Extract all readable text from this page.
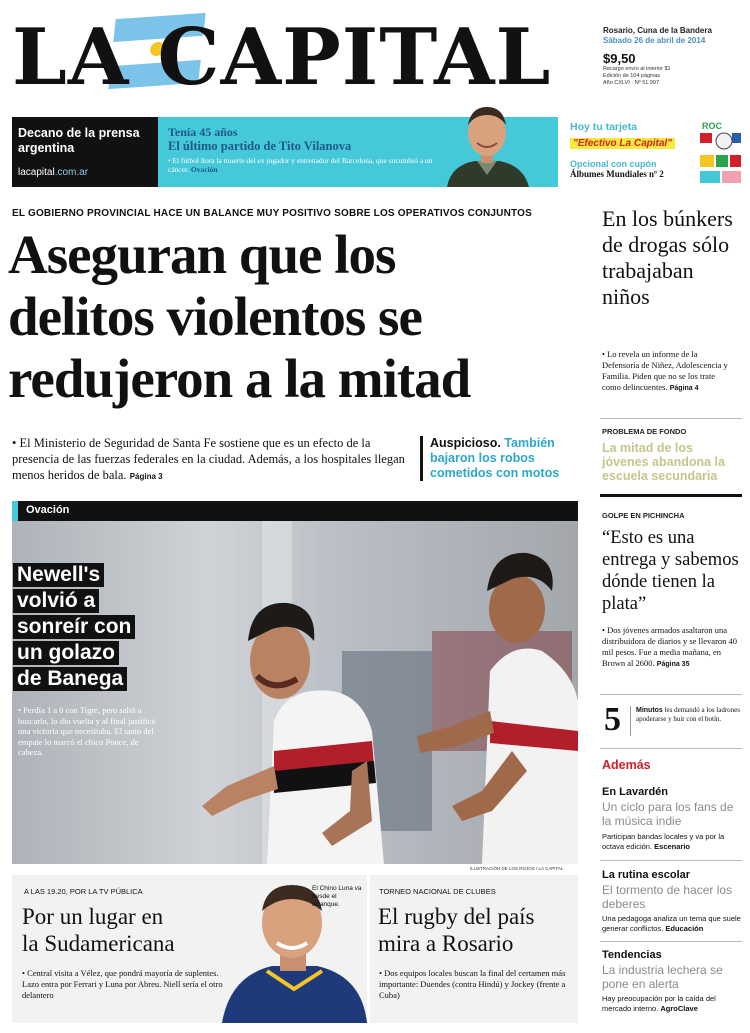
LA CAPITAL	Rosario, Cuna de la Bandera
Sábado 26 de abril de 2014
$9,50
Recargo envío al interior $1
Edición de 104 páginas
Año CXLVI · Nº 51.997
Decano de la prensa argentina
lacapital.com.ar
Tenía 45 años
El último partido de Tito Vilanova
• El fútbol llora la muerte del ex jugador y entrenador del Barcelona, que sucumbió a un cáncer. Ovación
Hoy tu tarjeta
"Efectivo La Capital"
Opcional con cupón
Álbumes Mundiales nº 2
ROC
EL GOBIERNO PROVINCIAL HACE UN BALANCE MUY POSITIVO SOBRE LOS OPERATIVOS CONJUNTOS
Aseguran que los
delitos violentos se
redujeron a la mitad
• El Ministerio de Seguridad de Santa Fe sostiene que es un efecto de la presencia de las fuerzas federales en la ciudad. Además, a los hospitales llegan menos heridos de bala. Página 3
Auspicioso. También bajaron los robos cometidos con motos
Ovación
Newell's
volvió a
sonreír con
un golazo
de Banega
• Perdía 1 a 0 con Tigre, pero salió a buscarlo, lo dio vuelta y al final justificó una victoria que necesitaba. El tanto del empate lo marcó el chico Ponce, de cabeza.
ILUSTRACIÓN DE LOS ROJOS / LA CAPITAL
A LAS 19.20, POR LA TV PÚBLICA
Por un lugar en
la Sudamericana
• Central visita a Vélez, que pondrá mayoría de suplentes. Lazo entra por Ferrari y Luna por Abreu. Niell sería el otro delantero
El Chino Luna va desde el arranque.
TORNEO NACIONAL DE CLUBES
El rugby del país
mira a Rosario
• Dos equipos locales buscan la final del certamen más importante: Duendes (contra Hindú) y Jockey (frente a Cuba)
En los búnkers de drogas sólo trabajaban niños
• Lo revela un informe de la Defensoría de Niñez, Adolescencia y Familia. Piden que no se los trate como delincuentes. Página 4
PROBLEMA DE FONDO
La mitad de los jóvenes abandona la escuela secundaria
GOLPE EN PICHINCHA
“Esto es una entrega y sabemos dónde tienen la plata”
• Dos jóvenes armados asaltaron una distribuidora de diarios y se llevaron 40 mil pesos. Fue a media mañana, en Brown al 2600. Página 35
5 Minutos les demandó a los ladrones apoderarse y huir con el botín.
Además
En Lavardén
Un ciclo para los fans de la música indie
Participan bandas locales y va por la octava edición. Escenario
La rutina escolar
El tormento de hacer los deberes
Una pedagoga analiza un tema que suele generar conflictos. Educación
Tendencias
La industria lechera se pone en alerta
Hay preocupación por la caída del mercado interno. AgroClave
